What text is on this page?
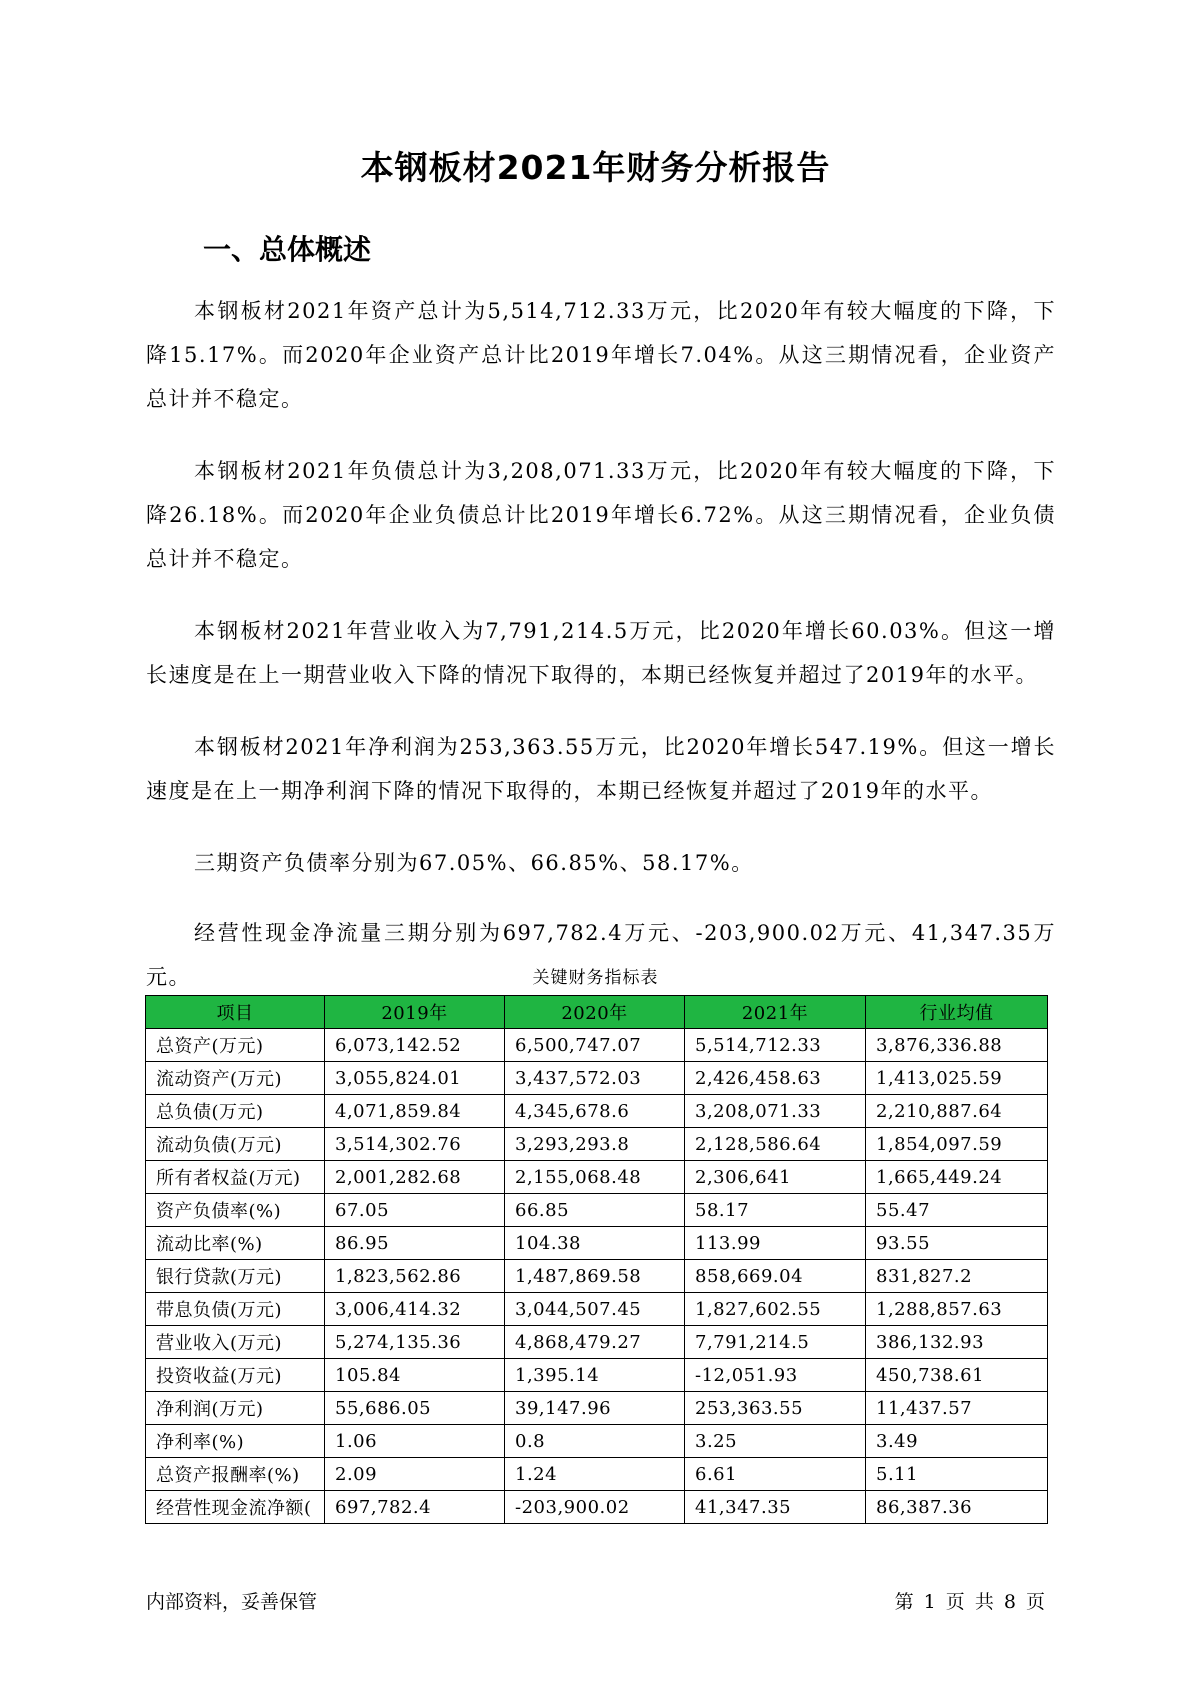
本钢板材2021年财务分析报告
一、总体概述

本钢板材2021年资产总计为5,514,712.33万元，比2020年有较大幅度的下降，下降15.17%。而2020年企业资产总计比2019年增长7.04%。从这三期情况看，企业资产总计并不稳定。

本钢板材2021年负债总计为3,208,071.33万元，比2020年有较大幅度的下降，下降26.18%。而2020年企业负债总计比2019年增长6.72%。从这三期情况看，企业负债总计并不稳定。

本钢板材2021年营业收入为7,791,214.5万元，比2020年增长60.03%。但这一增长速度是在上一期营业收入下降的情况下取得的，本期已经恢复并超过了2019年的水平。

本钢板材2021年净利润为253,363.55万元，比2020年增长547.19%。但这一增长速度是在上一期净利润下降的情况下取得的，本期已经恢复并超过了2019年的水平。

三期资产负债率分别为67.05%、66.85%、58.17%。

经营性现金净流量三期分别为697,782.4万元、-203,900.02万元、41,347.35万元。	关键财务指标表
项目	2019年	2020年	2021年	行业均值
总资产(万元)	6,073,142.52	6,500,747.07	5,514,712.33	3,876,336.88
流动资产(万元)	3,055,824.01	3,437,572.03	2,426,458.63	1,413,025.59
总负债(万元)	4,071,859.84	4,345,678.6	3,208,071.33	2,210,887.64
流动负债(万元)	3,514,302.76	3,293,293.8	2,128,586.64	1,854,097.59
所有者权益(万元)	2,001,282.68	2,155,068.48	2,306,641	1,665,449.24
资产负债率(%)	67.05	66.85	58.17	55.47
流动比率(%)	86.95	104.38	113.99	93.55
银行贷款(万元)	1,823,562.86	1,487,869.58	858,669.04	831,827.2
带息负债(万元)	3,006,414.32	3,044,507.45	1,827,602.55	1,288,857.63
营业收入(万元)	5,274,135.36	4,868,479.27	7,791,214.5	386,132.93
投资收益(万元)	105.84	1,395.14	-12,051.93	450,738.61
净利润(万元)	55,686.05	39,147.96	253,363.55	11,437.57
净利率(%)	1.06	0.8	3.25	3.49
总资产报酬率(%)	2.09	1.24	6.61	5.11
经营性现金流净额(	697,782.4	-203,900.02	41,347.35	86,387.36
内部资料，妥善保管	第 1 页 共 8 页
